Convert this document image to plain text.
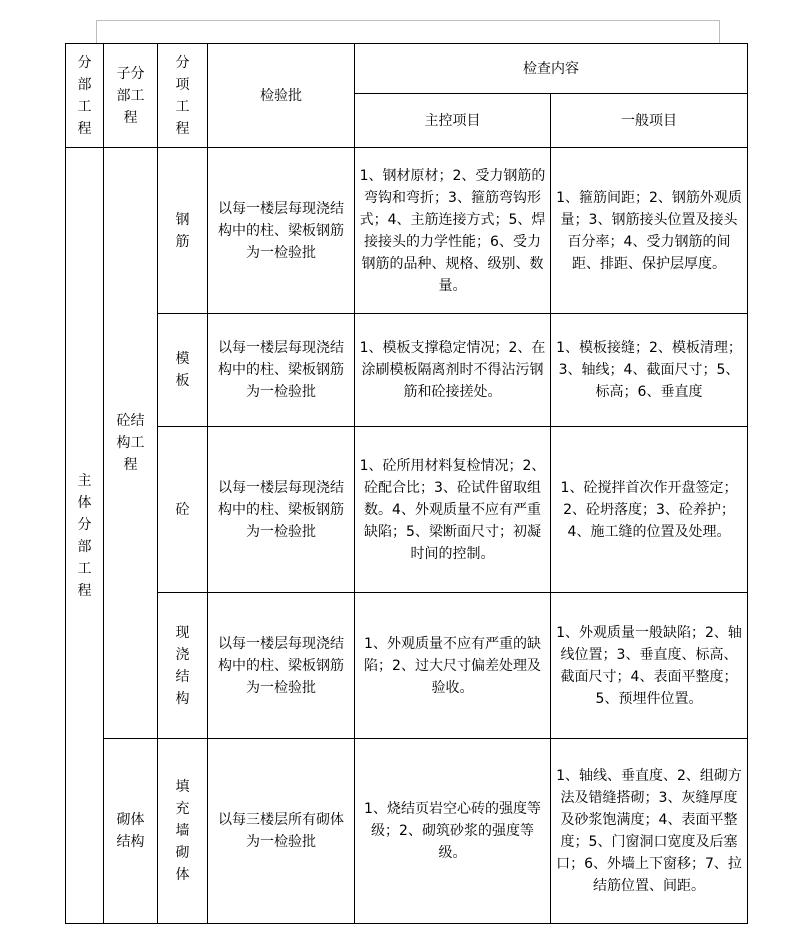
分部工程	子分部工程	分项工程	检验批	检查内容	
				主控项目	一般项目

主体分部工程	砼结构工程	钢筋	以每一楼层每现浇结构中的柱、梁板钢筋为一检验批	1、钢材原材；2、受力钢筋的弯钩和弯折；3、箍筋弯钩形式；4、主筋连接方式；5、焊接接头的力学性能；6、受力钢筋的品种、规格、级别、数量。	1、箍筋间距；2、钢筋外观质量；3、钢筋接头位置及接头百分率；4、受力钢筋的间距、排距、保护层厚度。

		模板	以每一楼层每现浇结构中的柱、梁板钢筋为一检验批	1、模板支撑稳定情况；2、在涂刷模板隔离剂时不得沾污钢筋和砼接搓处。	1、模板接缝；2、模板清理；3、轴线；4、截面尺寸；5、标高；6、垂直度

		砼	以每一楼层每现浇结构中的柱、梁板钢筋为一检验批	1、砼所用材料复检情况；2、砼配合比；3、砼试件留取组数。4、外观质量不应有严重缺陷；5、梁断面尺寸；初凝时间的控制。	1、砼搅拌首次作开盘签定；2、砼坍落度；3、砼养护；4、施工缝的位置及处理。

		现浇结构	以每一楼层每现浇结构中的柱、梁板钢筋为一检验批	1、外观质量不应有严重的缺陷；2、过大尺寸偏差处理及验收。	1、外观质量一般缺陷；2、轴线位置；3、垂直度、标高、截面尺寸；4、表面平整度；5、预埋件位置。

	砌体结构	填充墙砌体	以每三楼层所有砌体为一检验批	1、烧结页岩空心砖的强度等级；2、砌筑砂浆的强度等级。	1、轴线、垂直度、2、组砌方法及错缝搭砌；3、灰缝厚度及砂浆饱满度；4、表面平整度；5、门窗洞口宽度及后塞口；6、外墙上下窗移；7、拉结筋位置、间距。
